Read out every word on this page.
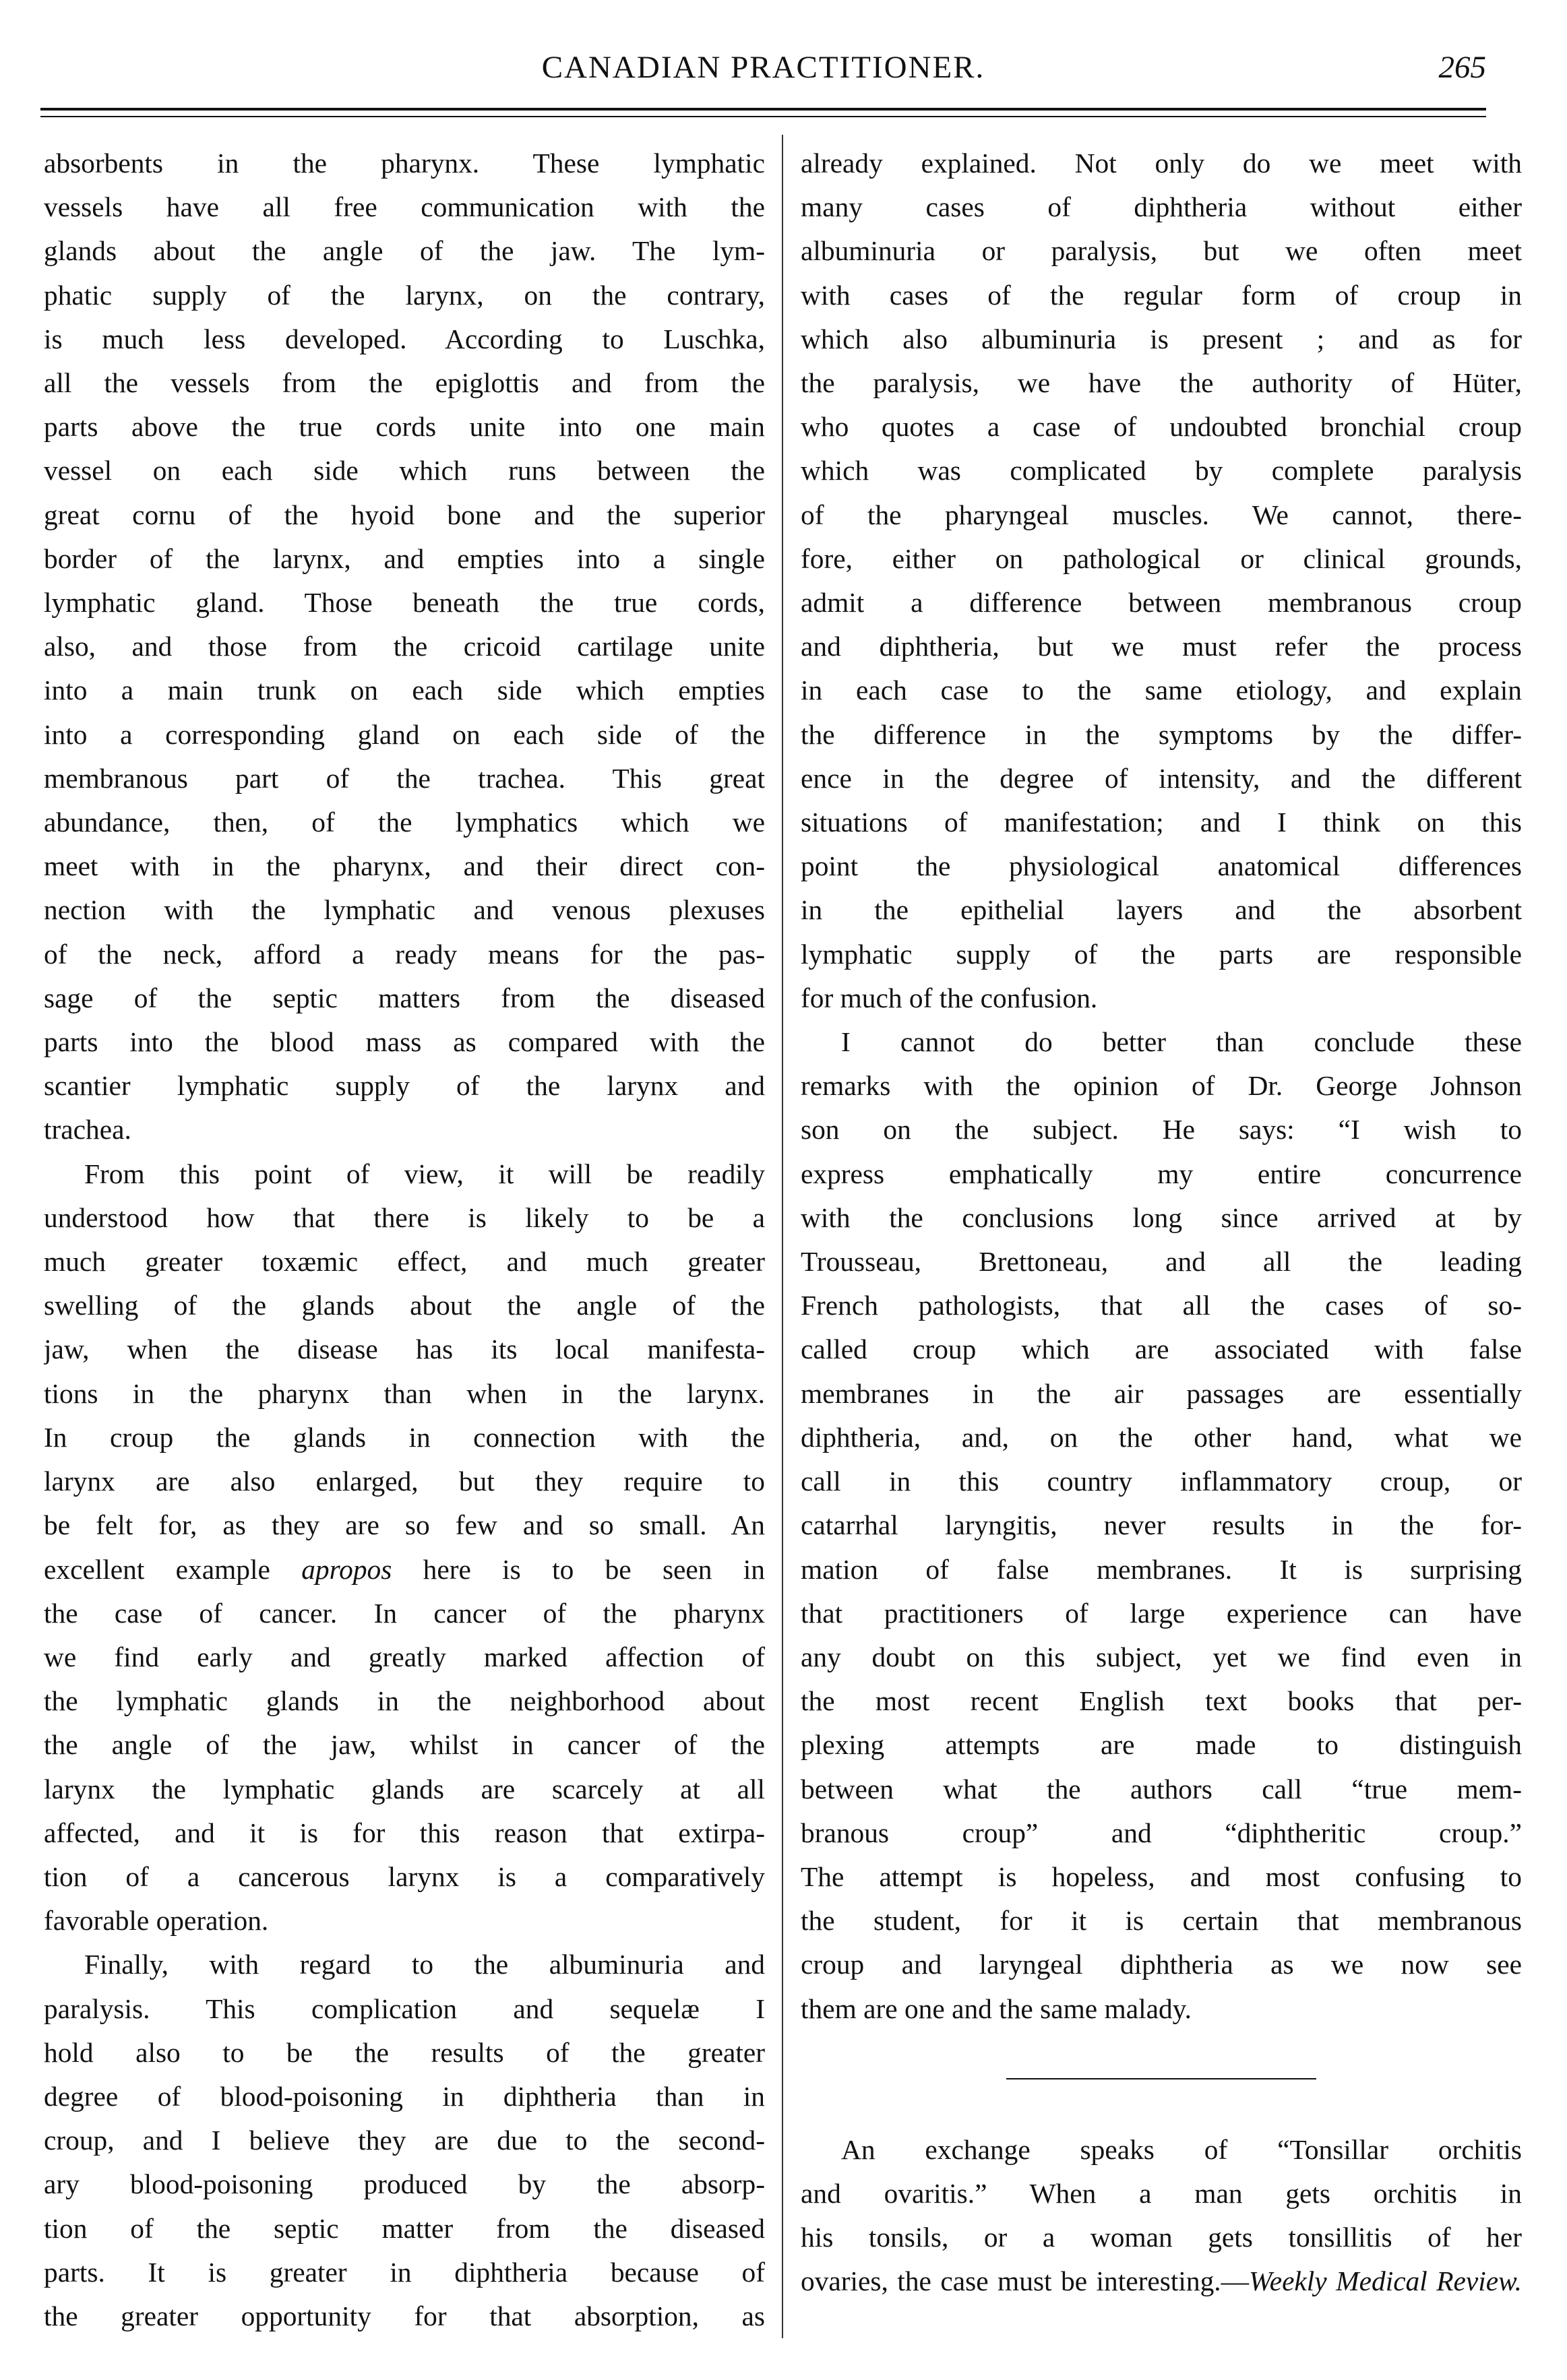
CANADIAN PRACTITIONER.	265
absorbents in the pharynx. These lymphatic
vessels have all free communication with the
glands about the angle of the jaw. The lym-
phatic supply of the larynx, on the contrary,
is much less developed. According to Luschka,
all the vessels from the epiglottis and from the
parts above the true cords unite into one main
vessel on each side which runs between the
great cornu of the hyoid bone and the superior
border of the larynx, and empties into a single
lymphatic gland. Those beneath the true cords,
also, and those from the cricoid cartilage unite
into a main trunk on each side which empties
into a corresponding gland on each side of the
membranous part of the trachea. This great
abundance, then, of the lymphatics which we
meet with in the pharynx, and their direct con-
nection with the lymphatic and venous plexuses
of the neck, afford a ready means for the pas-
sage of the septic matters from the diseased
parts into the blood mass as compared with the
scantier lymphatic supply of the larynx and
trachea.
From this point of view, it will be readily
understood how that there is likely to be a
much greater toxæmic effect, and much greater
swelling of the glands about the angle of the
jaw, when the disease has its local manifesta-
tions in the pharynx than when in the larynx.
In croup the glands in connection with the
larynx are also enlarged, but they require to
be felt for, as they are so few and so small. An
excellent example apropos here is to be seen in
the case of cancer. In cancer of the pharynx
we find early and greatly marked affection of
the lymphatic glands in the neighborhood about
the angle of the jaw, whilst in cancer of the
larynx the lymphatic glands are scarcely at all
affected, and it is for this reason that extirpa-
tion of a cancerous larynx is a comparatively
favorable operation.
Finally, with regard to the albuminuria and
paralysis. This complication and sequelæ I
hold also to be the results of the greater
degree of blood-poisoning in diphtheria than in
croup, and I believe they are due to the second-
ary blood-poisoning produced by the absorp-
tion of the septic matter from the diseased
parts. It is greater in diphtheria because of
the greater opportunity for that absorption, as
already explained. Not only do we meet with
many cases of diphtheria without either
albuminuria or paralysis, but we often meet
with cases of the regular form of croup in
which also albuminuria is present ; and as for
the paralysis, we have the authority of Hüter,
who quotes a case of undoubted bronchial croup
which was complicated by complete paralysis
of the pharyngeal muscles. We cannot, there-
fore, either on pathological or clinical grounds,
admit a difference between membranous croup
and diphtheria, but we must refer the process
in each case to the same etiology, and explain
the difference in the symptoms by the differ-
ence in the degree of intensity, and the different
situations of manifestation; and I think on this
point the physiological anatomical differences
in the epithelial layers and the absorbent
lymphatic supply of the parts are responsible
for much of the confusion.
I cannot do better than conclude these
remarks with the opinion of Dr. George Johnson
son on the subject. He says: “I wish to
express emphatically my entire concurrence
with the conclusions long since arrived at by
Trousseau, Brettoneau, and all the leading
French pathologists, that all the cases of so-
called croup which are associated with false
membranes in the air passages are essentially
diphtheria, and, on the other hand, what we
call in this country inflammatory croup, or
catarrhal laryngitis, never results in the for-
mation of false membranes. It is surprising
that practitioners of large experience can have
any doubt on this subject, yet we find even in
the most recent English text books that per-
plexing attempts are made to distinguish
between what the authors call “true mem-
branous croup” and “diphtheritic croup.”
The attempt is hopeless, and most confusing to
the student, for it is certain that membranous
croup and laryngeal diphtheria as we now see
them are one and the same malady.
An exchange speaks of “Tonsillar orchitis
and ovaritis.” When a man gets orchitis in
his tonsils, or a woman gets tonsillitis of her
ovaries, the case must be interesting.—Weekly Medical Review.
